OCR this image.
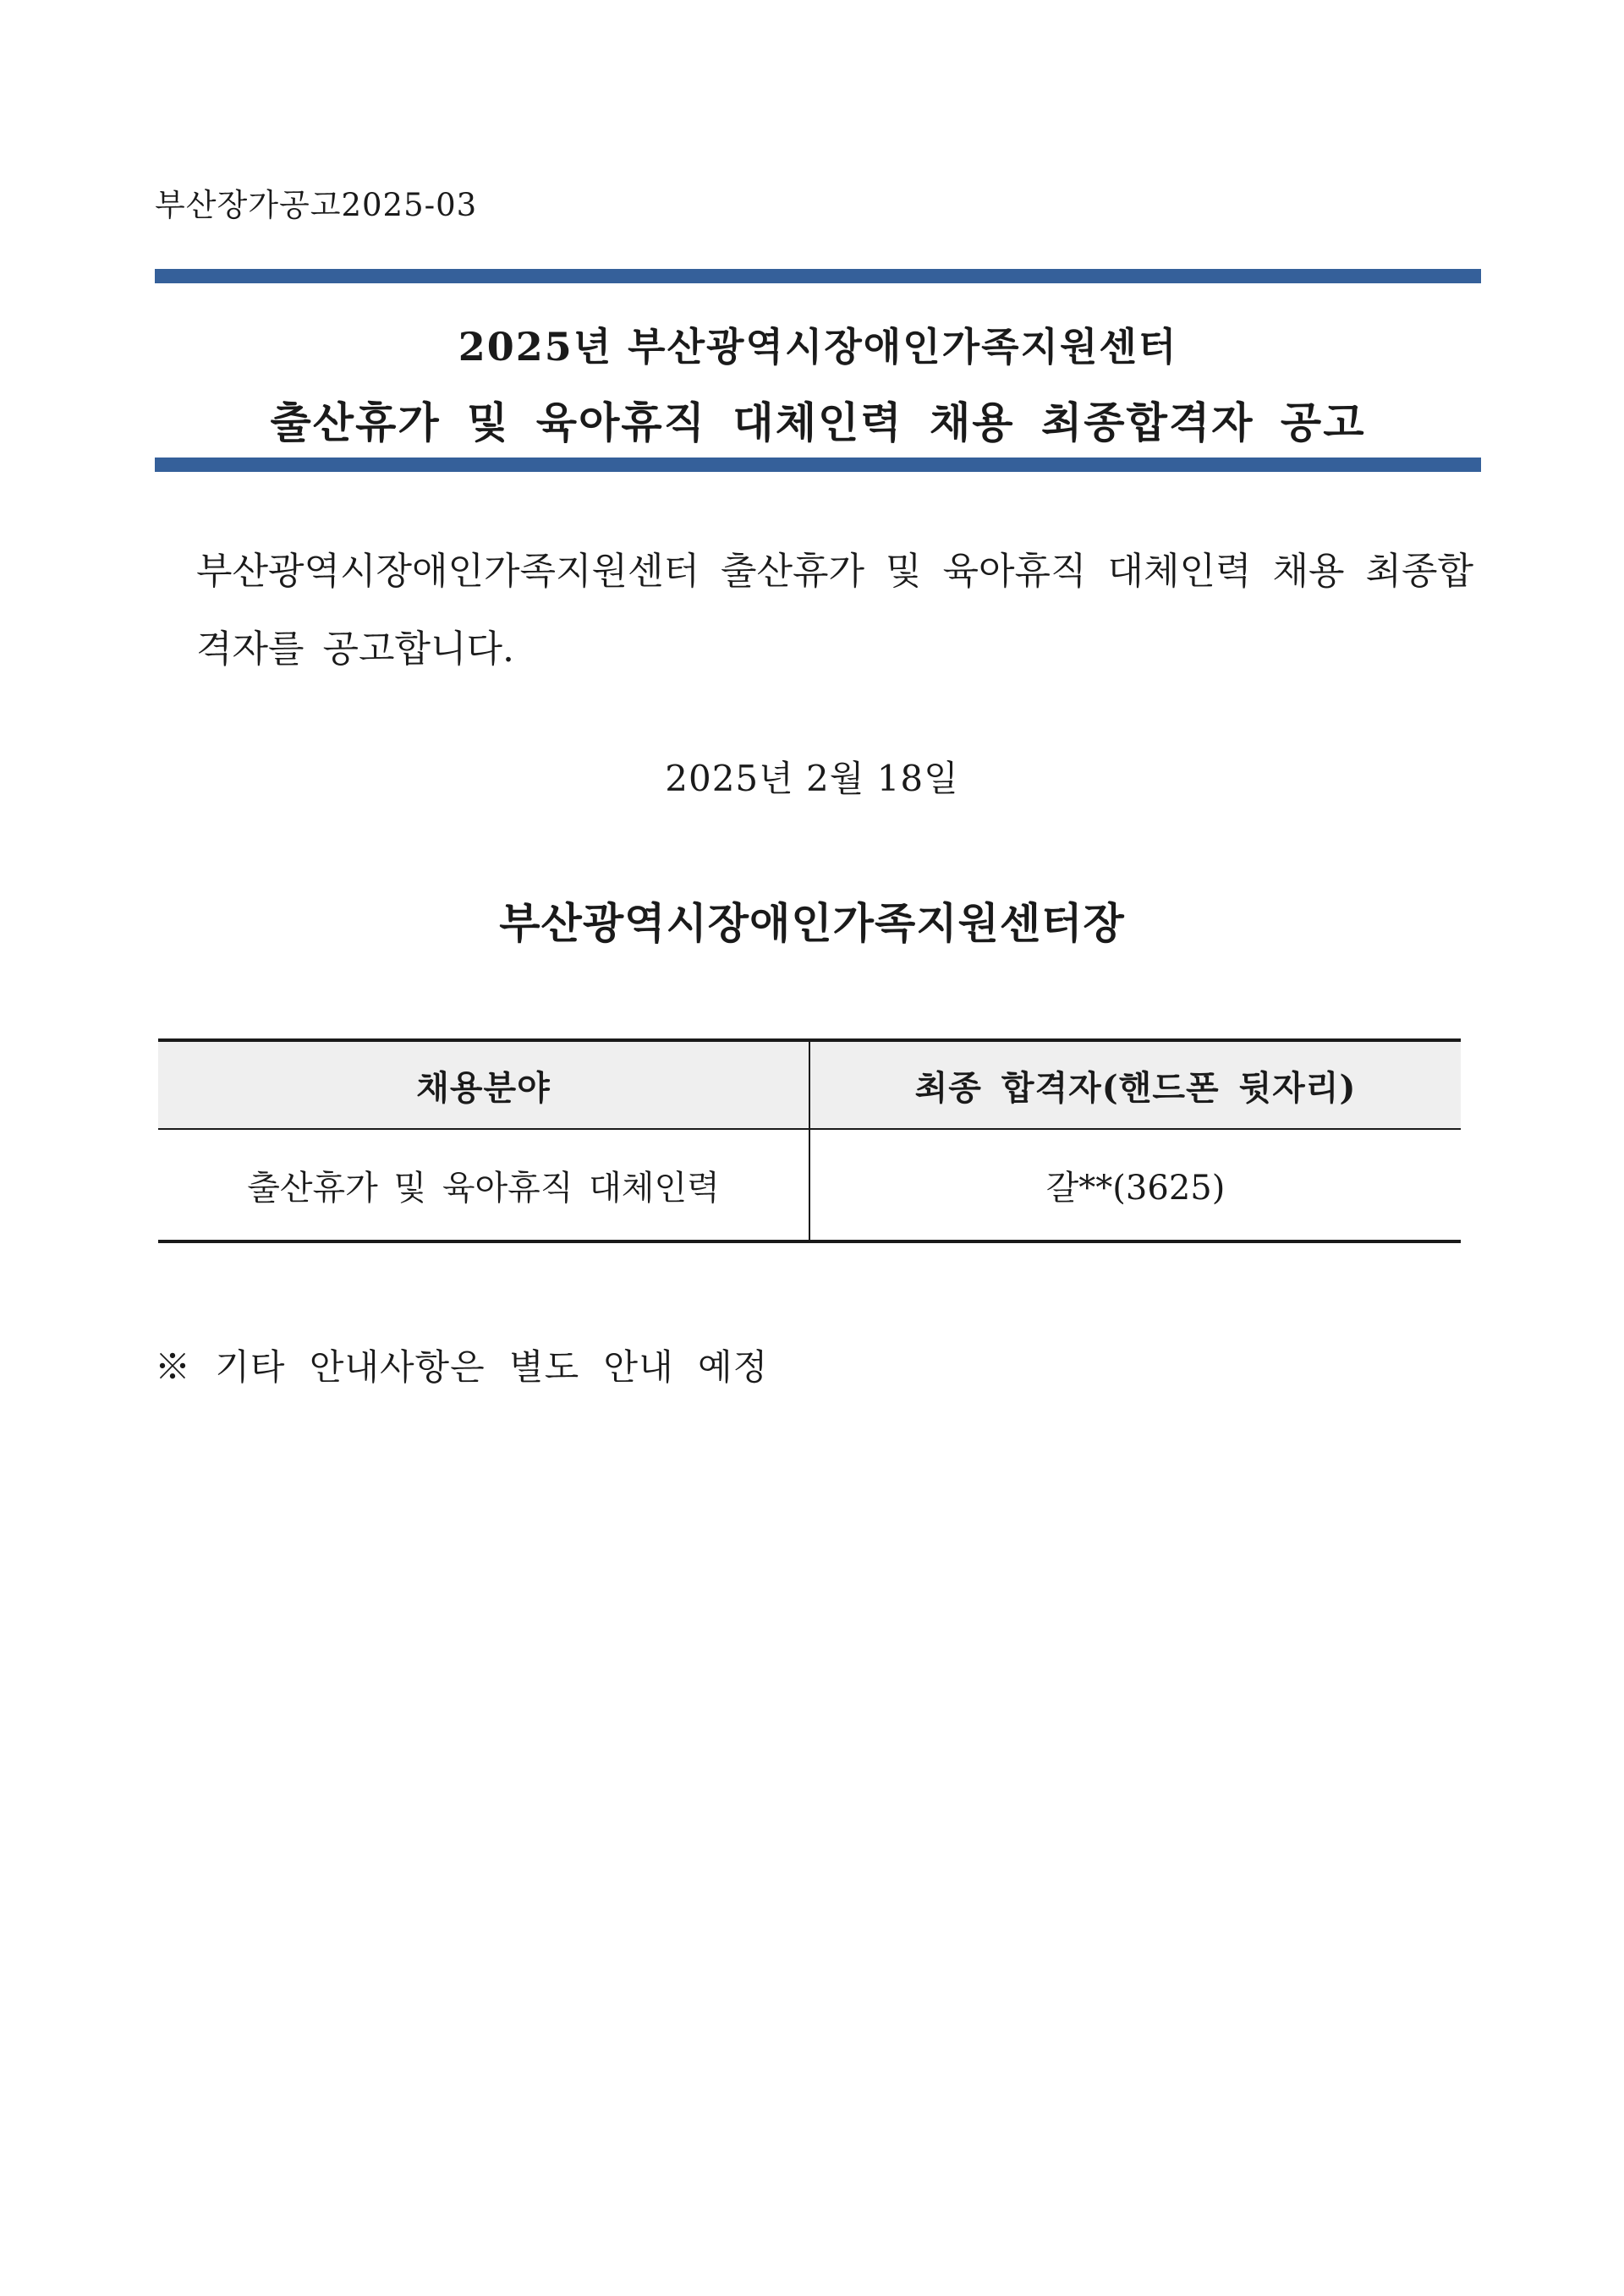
부산장가공고2025-03
2025년 부산광역시장애인가족지원센터
출산휴가 및 육아휴직 대체인력 채용 최종합격자 공고
부산광역시장애인가족지원센터 출산휴가 및 육아휴직 대체인력 채용 최종합격자를 공고합니다.
2025년 2월 18일
부산광역시장애인가족지원센터장
채용분야	최종 합격자(핸드폰 뒷자리)
출산휴가 및 육아휴직 대체인력	갈**(3625)
※ 기타 안내사항은 별도 안내 예정
